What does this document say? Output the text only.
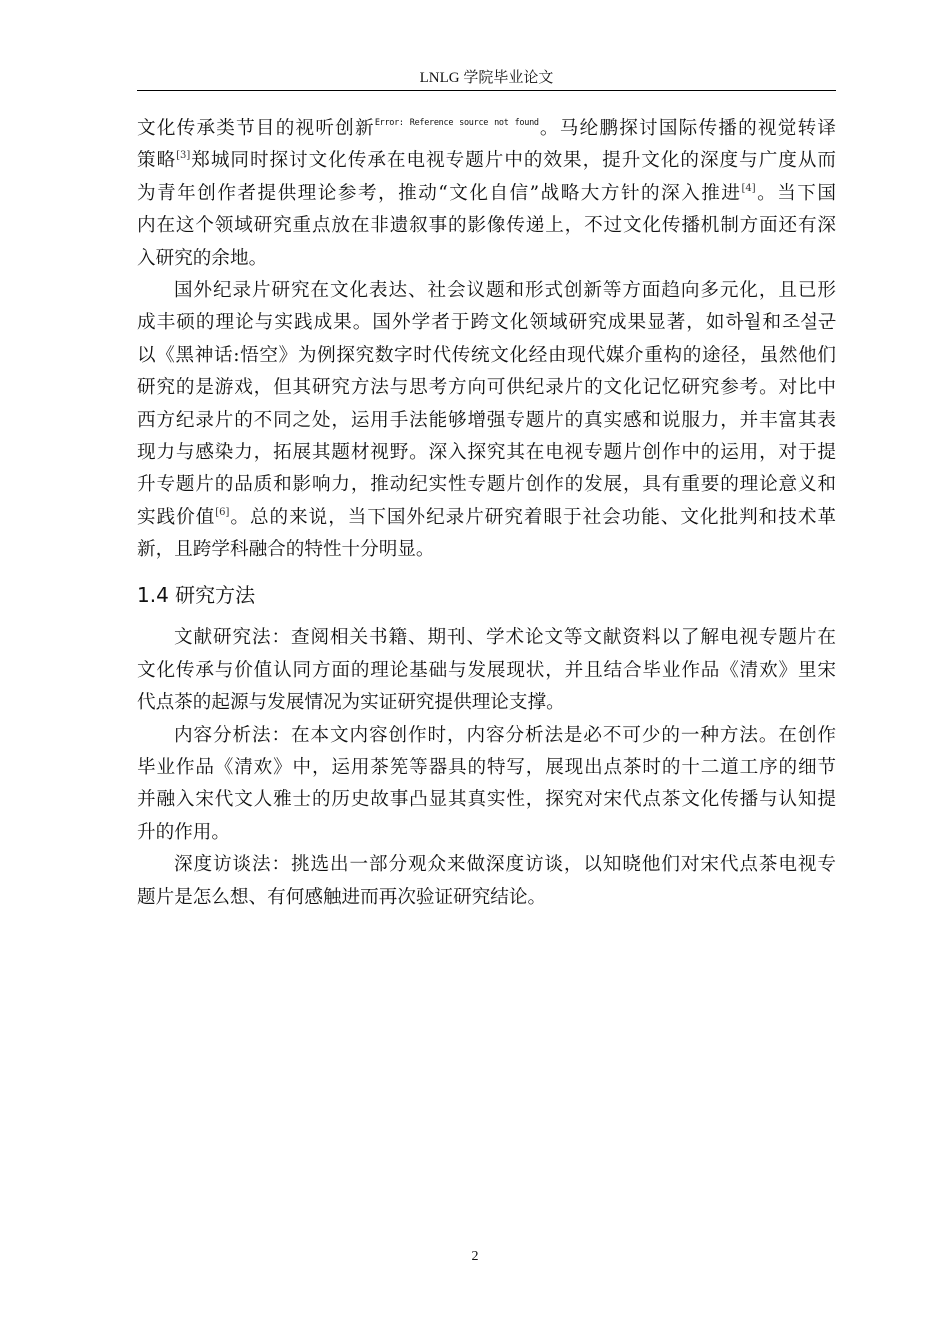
LNLG 学院毕业论文
文化传承类节目的视听创新$^{Error: Reference source not found}$。马纶鹏探讨国际传播的视觉转译
策略[3]郑城同时探讨文化传承在电视专题片中的效果，提升文化的深度与广度从而
为青年创作者提供理论参考，推动“文化自信”战略大方针的深入推进[4]。当下国
内在这个领域研究重点放在非遗叙事的影像传递上，不过文化传播机制方面还有深
入研究的余地。
国外纪录片研究在文化表达、社会议题和形式创新等方面趋向多元化，且已形
成丰硕的理论与实践成果。国外学者于跨文化领域研究成果显著，如하월和조설군
以《黑神话:悟空》为例探究数字时代传统文化经由现代媒介重构的途径，虽然他们
研究的是游戏，但其研究方法与思考方向可供纪录片的文化记忆研究参考。对比中
西方纪录片的不同之处，运用手法能够增强专题片的真实感和说服力，并丰富其表
现力与感染力，拓展其题材视野。深入探究其在电视专题片创作中的运用，对于提
升专题片的品质和影响力，推动纪实性专题片创作的发展，具有重要的理论意义和
实践价值[6]。总的来说，当下国外纪录片研究着眼于社会功能、文化批判和技术革
新，且跨学科融合的特性十分明显。
1.4 研究方法
文献研究法：查阅相关书籍、期刊、学术论文等文献资料以了解电视专题片在
文化传承与价值认同方面的理论基础与发展现状，并且结合毕业作品《清欢》里宋
代点茶的起源与发展情况为实证研究提供理论支撑。
内容分析法：在本文内容创作时，内容分析法是必不可少的一种方法。在创作
毕业作品《清欢》中，运用茶筅等器具的特写，展现出点茶时的十二道工序的细节
并融入宋代文人雅士的历史故事凸显其真实性，探究对宋代点茶文化传播与认知提
升的作用。
深度访谈法：挑选出一部分观众来做深度访谈，以知晓他们对宋代点茶电视专
题片是怎么想、有何感触进而再次验证研究结论。
2
